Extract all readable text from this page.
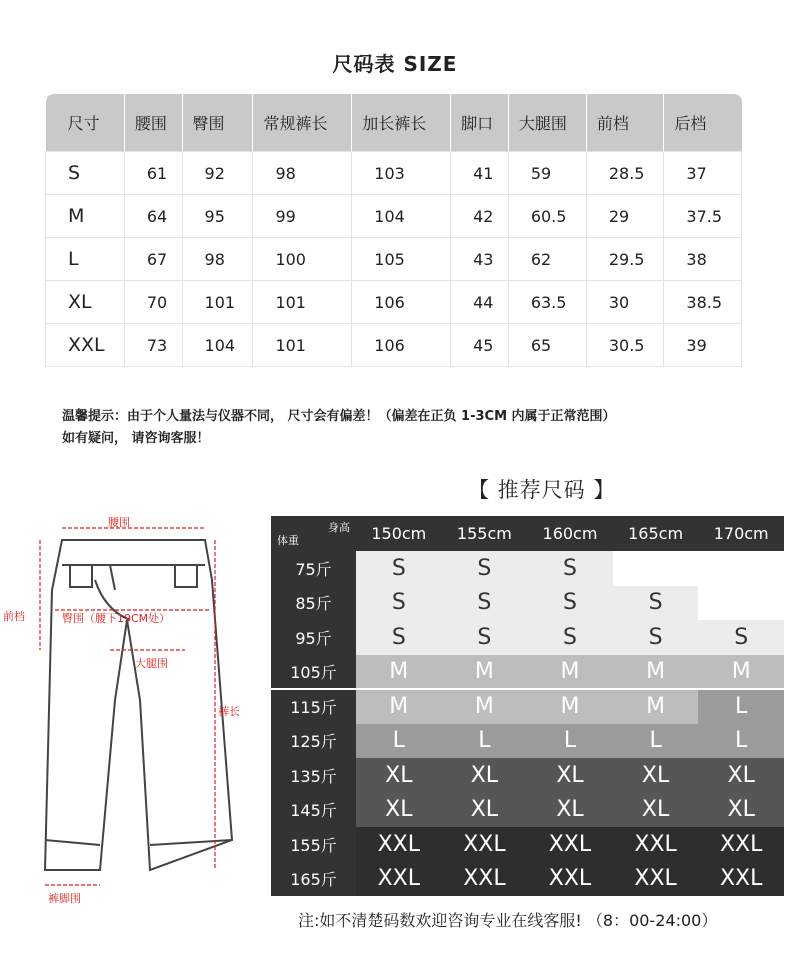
尺码表 SIZE
尺寸	腰围	臀围	常规裤长	加长裤长	脚口	大腿围	前档	后档
S	61	92	98	103	41	59	28.5	37
M	64	95	99	104	42	60.5	29	37.5
L	67	98	100	105	43	62	29.5	38
XL	70	101	101	106	44	63.5	30	38.5
XXL	73	104	101	106	45	65	30.5	39
温馨提示：由于个人量法与仪器不同， 尺寸会有偏差！（偏差在正负 1-3CM 内属于正常范围）
如有疑问， 请咨询客服！
【 推荐尺码 】
腰围
臀围（腰下19CM处）
前档
大腿围
裤长
裤脚围
身高
体重	150cm	155cm	160cm	165cm	170cm
75斤	S	S	S
85斤	S	S	S	S
95斤	S	S	S	S	S
105斤	M	M	M	M	M
115斤	M	M	M	M	L
125斤	L	L	L	L	L
135斤	XL	XL	XL	XL	XL
145斤	XL	XL	XL	XL	XL
155斤	XXL	XXL	XXL	XXL	XXL
165斤	XXL	XXL	XXL	XXL	XXL
注:如不清楚码数欢迎咨询专业在线客服! （8：00-24:00）
